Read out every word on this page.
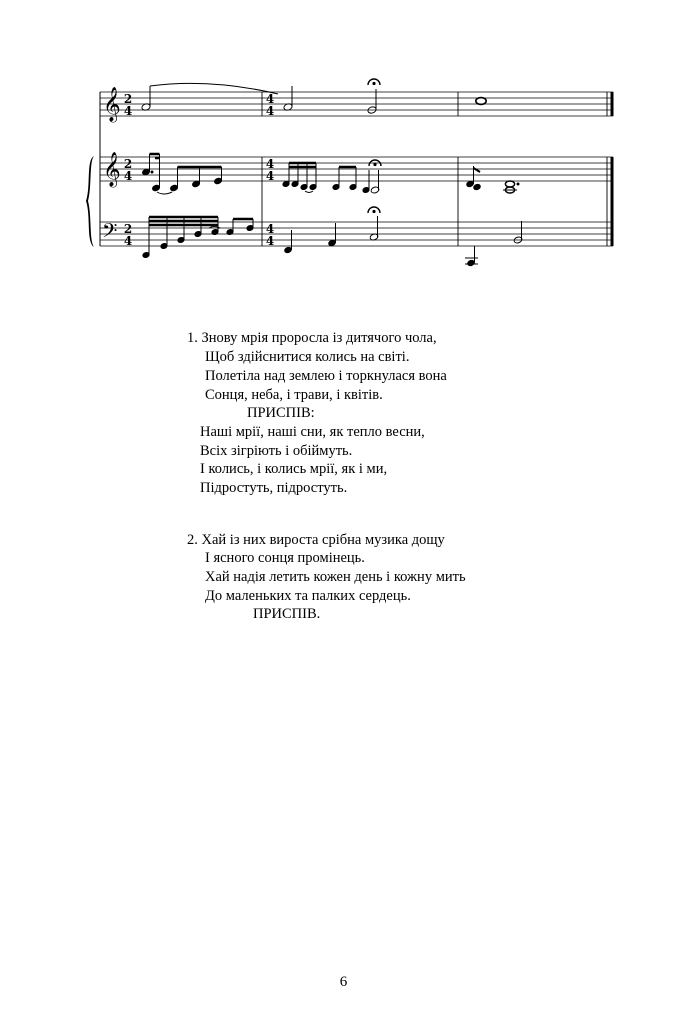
𝄞
𝄞
𝄢
2
4
2
4
2
4
4
4
4
4
4
4
1. Знову мрія проросла із дитячого чола,
Щоб здійснитися колись на світі.
Полетіла над землею і торкнулася вона
Сонця, неба, і трави, і квітів.
ПРИСПІВ:
Наші мрії, наші сни, як тепло весни,
Всіх зігріють і обіймуть.
І колись, і колись мрії, як і ми,
Підростуть, підростуть.
2. Хай із них вироста срібна музика дощу
І ясного сонця промінець.
Хай надія летить кожен день і кожну мить
До маленьких та палких сердець.
ПРИСПІВ.
6
